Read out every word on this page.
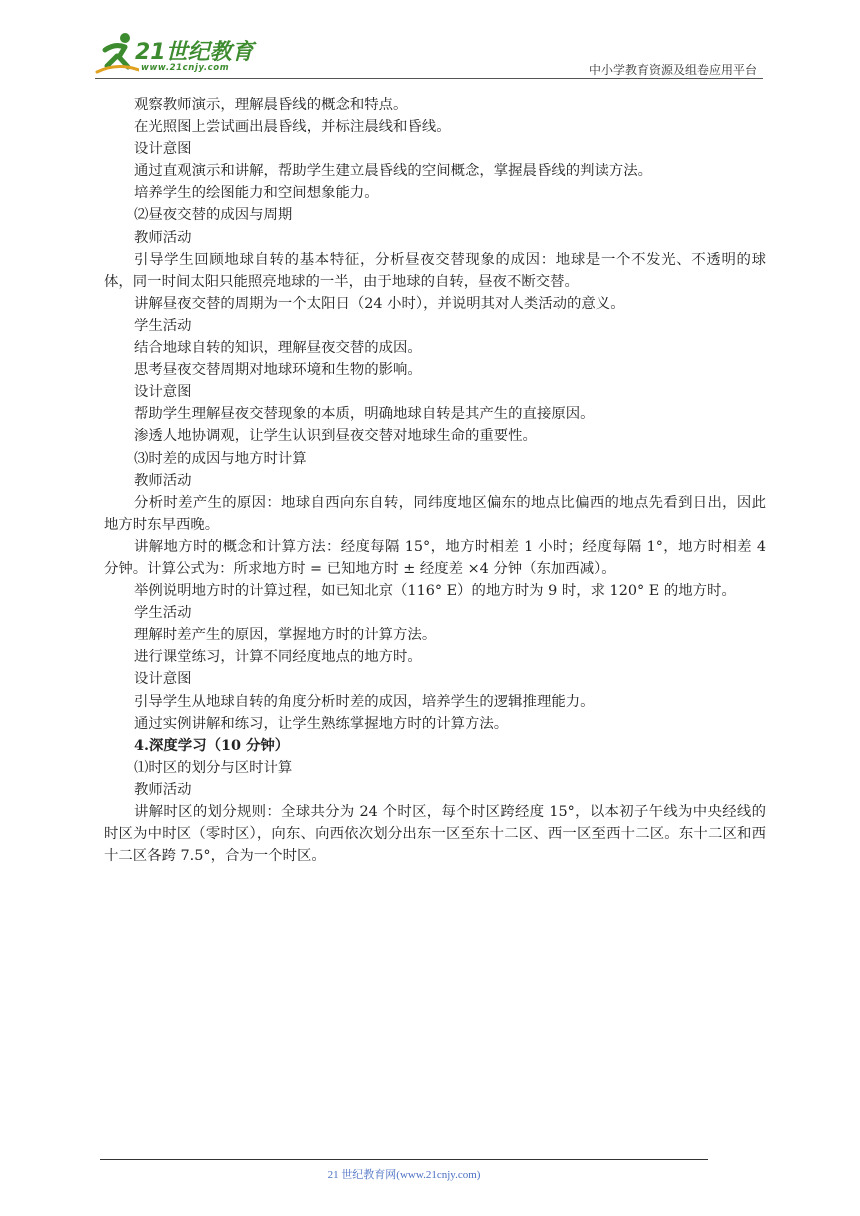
21世纪教育
www.21cnjy.com	中小学教育资源及组卷应用平台

观察教师演示，理解晨昏线的概念和特点。

在光照图上尝试画出晨昏线，并标注晨线和昏线。

设计意图

通过直观演示和讲解，帮助学生建立晨昏线的空间概念，掌握晨昏线的判读方法。

培养学生的绘图能力和空间想象能力。

⑵昼夜交替的成因与周期

教师活动

引导学生回顾地球自转的基本特征，分析昼夜交替现象的成因：地球是一个不发光、不透明的球体，同一时间太阳只能照亮地球的一半，由于地球的自转，昼夜不断交替。

讲解昼夜交替的周期为一个太阳日（24 小时），并说明其对人类活动的意义。

学生活动

结合地球自转的知识，理解昼夜交替的成因。

思考昼夜交替周期对地球环境和生物的影响。

设计意图

帮助学生理解昼夜交替现象的本质，明确地球自转是其产生的直接原因。

渗透人地协调观，让学生认识到昼夜交替对地球生命的重要性。

⑶时差的成因与地方时计算

教师活动

分析时差产生的原因：地球自西向东自转，同纬度地区偏东的地点比偏西的地点先看到日出，因此地方时东早西晚。

讲解地方时的概念和计算方法：经度每隔 15°，地方时相差 1 小时；经度每隔 1°，地方时相差 4 分钟。计算公式为：所求地方时 = 已知地方时 ± 经度差 ×4 分钟（东加西减）。

举例说明地方时的计算过程，如已知北京（116° E）的地方时为 9 时，求 120° E 的地方时。

学生活动

理解时差产生的原因，掌握地方时的计算方法。

进行课堂练习，计算不同经度地点的地方时。

设计意图

引导学生从地球自转的角度分析时差的成因，培养学生的逻辑推理能力。

通过实例讲解和练习，让学生熟练掌握地方时的计算方法。

4.深度学习（10 分钟）

⑴时区的划分与区时计算

教师活动

讲解时区的划分规则：全球共分为 24 个时区，每个时区跨经度 15°，以本初子午线为中央经线的时区为中时区（零时区），向东、向西依次划分出东一区至东十二区、西一区至西十二区。东十二区和西十二区各跨 7.5°，合为一个时区。

21 世纪教育网(www.21cnjy.com)
